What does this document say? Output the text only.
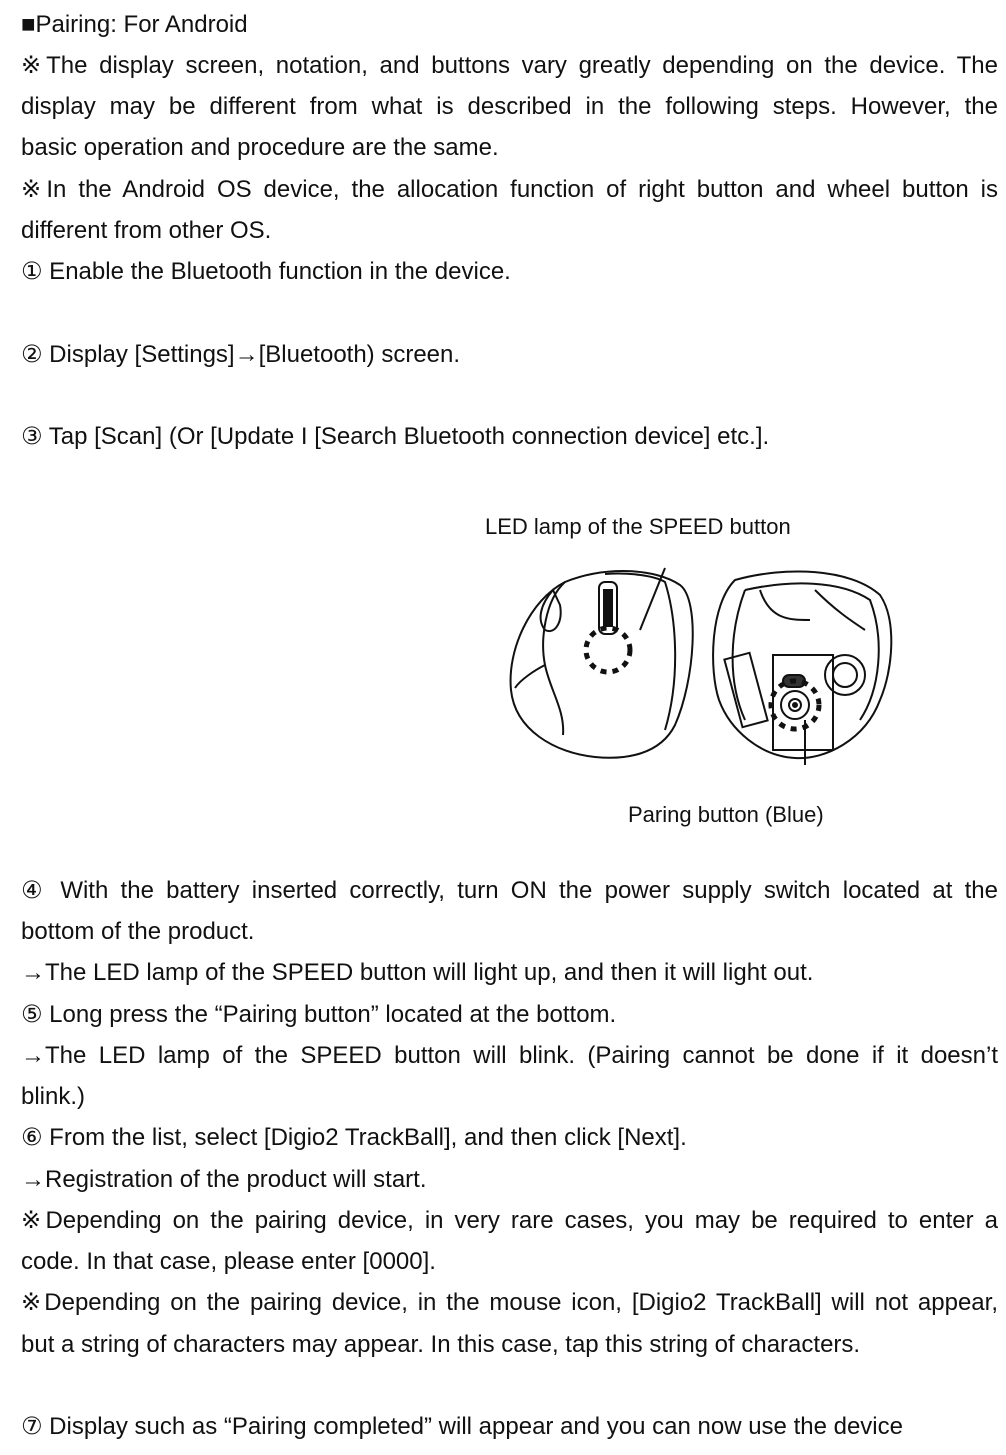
■Pairing: For Android
※The display screen, notation, and buttons vary greatly depending on the device. The
display may be different from what is described in the following steps. However, the
basic operation and procedure are the same.
※In the Android OS device, the allocation function of right button and wheel button is
different from other OS.
① Enable the Bluetooth function in the device.
② Display [Settings]→[Bluetooth) screen.
③ Tap [Scan] (Or [Update I [Search Bluetooth connection device] etc.].
LED lamp of the SPEED button
Paring button (Blue)
④ With the battery inserted correctly, turn ON the power supply switch located at the
bottom of the product.
→The LED lamp of the SPEED button will light up, and then it will light out.
⑤ Long press the “Pairing button” located at the bottom.
→The LED lamp of the SPEED button will blink. (Pairing cannot be done if it doesn’t
blink.)
⑥ From the list, select [Digio2 TrackBall], and then click [Next].
→Registration of the product will start.
※Depending on the pairing device, in very rare cases, you may be required to enter a
code. In that case, please enter [0000].
※Depending on the pairing device, in the mouse icon, [Digio2 TrackBall] will not appear,
but a string of characters may appear. In this case, tap this string of characters.
⑦ Display such as “Pairing completed” will appear and you can now use the device
